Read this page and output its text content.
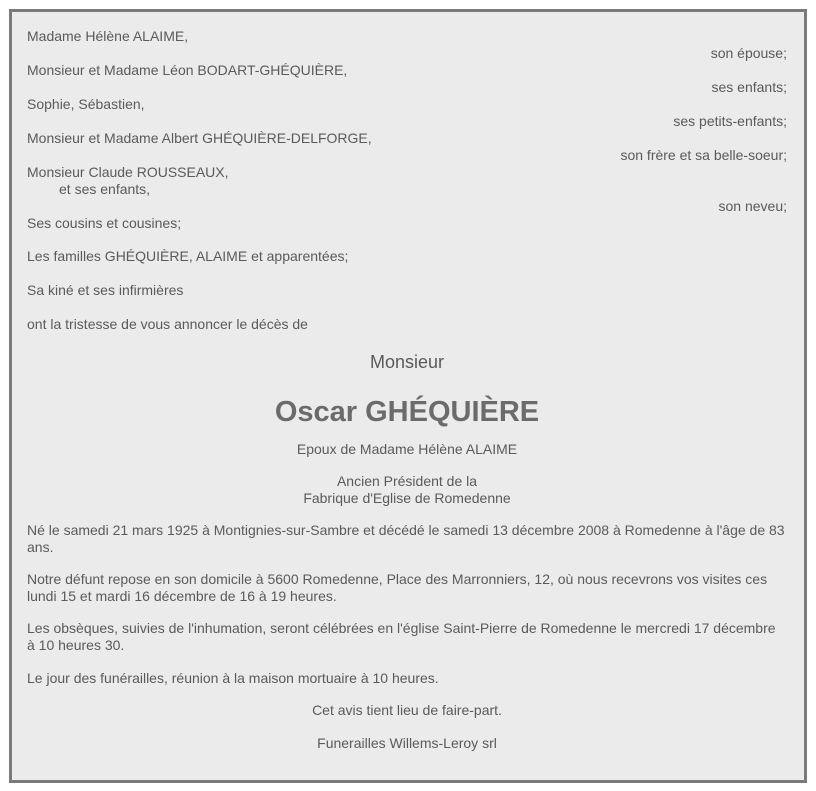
Madame Hélène ALAIME,
son épouse;
Monsieur et Madame Léon BODART-GHÉQUIÈRE,
ses enfants;
Sophie, Sébastien,
ses petits-enfants;
Monsieur et Madame Albert GHÉQUIÈRE-DELFORGE,
son frère et sa belle-soeur;
Monsieur Claude ROUSSEAUX,
et ses enfants,
son neveu;

Ses cousins et cousines;

Les familles GHÉQUIÈRE, ALAIME et apparentées;

Sa kiné et ses infirmières

ont la tristesse de vous annoncer le décès de

Monsieur
Oscar GHÉQUIÈRE
Epoux de Madame Hélène ALAIME
Ancien Président de la
Fabrique d'Eglise de Romedenne

Né le samedi 21 mars 1925 à Montignies-sur-Sambre et décédé le samedi 13 décembre 2008 à Romedenne à l'âge de 83 ans.

Notre défunt repose en son domicile à 5600 Romedenne, Place des Marronniers, 12, où nous recevrons vos visites ces lundi 15 et mardi 16 décembre de 16 à 19 heures.

Les obsèques, suivies de l'inhumation, seront célébrées en l'église Saint-Pierre de Romedenne le mercredi 17 décembre à 10 heures 30.

Le jour des funérailles, réunion à la maison mortuaire à 10 heures.

Cet avis tient lieu de faire-part.
Funerailles Willems-Leroy srl
